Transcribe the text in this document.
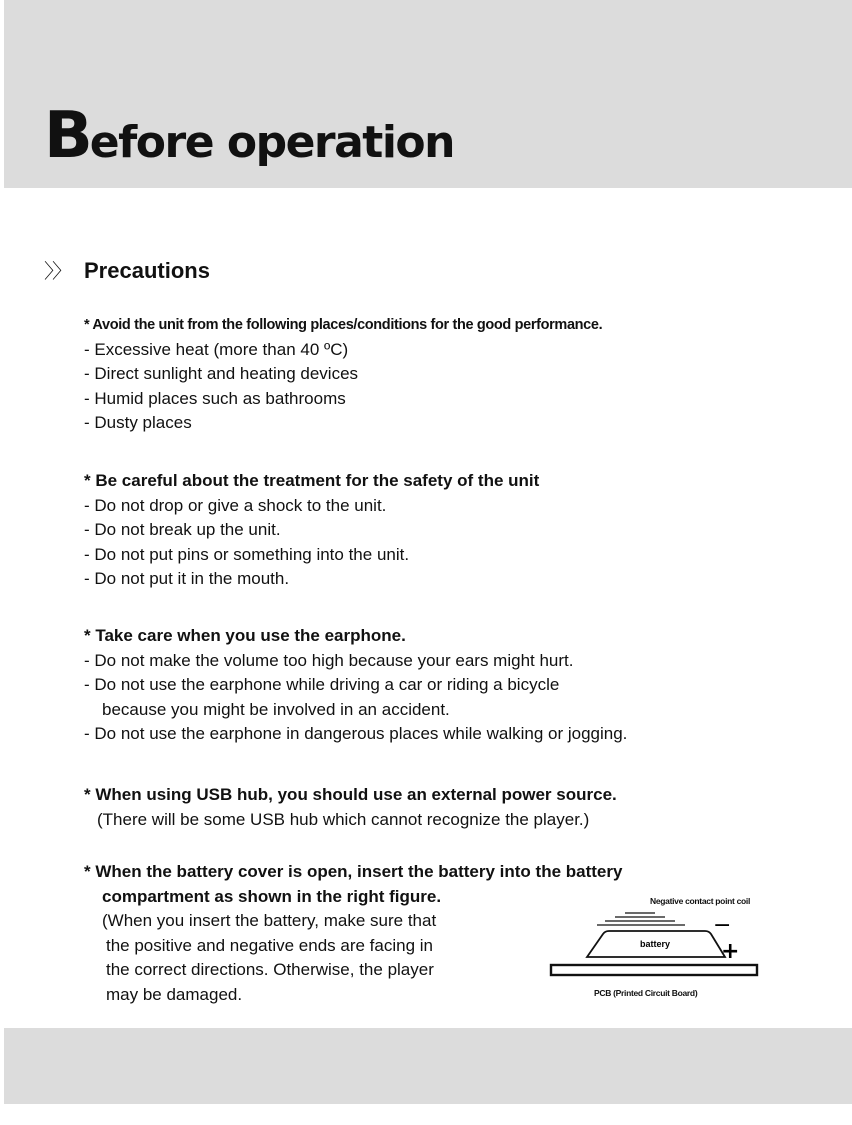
Before operation
〉〉 Precautions
* Avoid the unit from the following places/conditions for the good performance.
- Excessive heat (more than 40 ºC)
- Direct sunlight and heating devices
- Humid places such as bathrooms
- Dusty places
* Be careful about the treatment for the safety of the unit
- Do not drop or give a shock to the unit.
- Do not break up the unit.
- Do not put pins or something into the unit.
- Do not put it in the mouth.
* Take care when you use the earphone.
- Do not make the volume too high because your ears might hurt.
- Do not use the earphone while driving a car or riding a bicycle
because you might be involved in an accident.
- Do not use the earphone in dangerous places while walking or jogging.
* When using USB hub, you should use an external power source.
(There will be some USB hub which cannot recognize the player.)
* When the battery cover is open, insert the battery into the battery
compartment as shown in the right figure.
(When you insert the battery, make sure that
the positive and negative ends are facing in
the correct directions. Otherwise, the player
may be damaged.
Negative contact point coil
battery
−
+
PCB (Printed Circuit Board)
